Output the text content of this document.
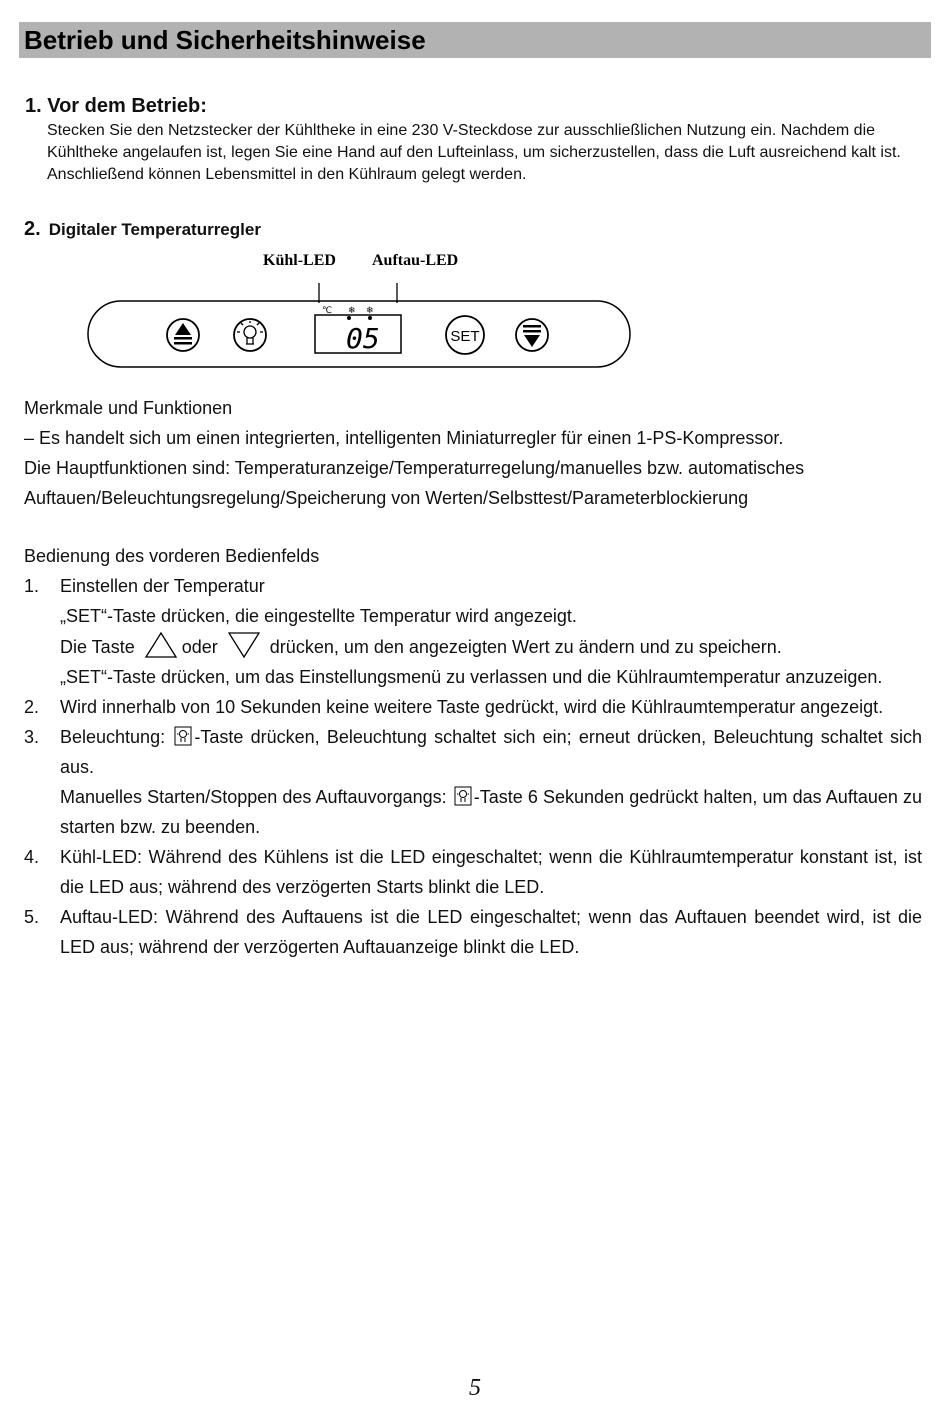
Betrieb und Sicherheitshinweise
1. Vor dem Betrieb:

Stecken Sie den Netzstecker der Kühltheke in eine 230 V-Steckdose zur ausschließlichen Nutzung ein. Nachdem die Kühltheke angelaufen ist, legen Sie eine Hand auf den Lufteinlass, um sicherzustellen, dass die Luft ausreichend kalt ist. Anschließend können Lebensmittel in den Kühlraum gelegt werden.

2. Digitaler Temperaturregler
Kühl-LED Auftau-LED
℃ ❄ ❄
05	SET

Merkmale und Funktionen

– Es handelt sich um einen integrierten, intelligenten Miniaturregler für einen 1-PS-Kompressor.

Die Hauptfunktionen sind: Temperaturanzeige/Temperaturregelung/manuelles bzw. automatisches Auftauen/Beleuchtungsregelung/Speicherung von Werten/Selbsttest/Parameterblockierung

Bedienung des vorderen Bedienfelds

1. Einstellen der Temperatur

„SET“-Taste drücken, die eingestellte Temperatur wird angezeigt.

Die Taste	oder	drücken, um den angezeigten Wert zu ändern und zu speichern.

„SET“-Taste drücken, um das Einstellungsmenü zu verlassen und die Kühlraumtemperatur anzuzeigen.

2. Wird innerhalb von 10 Sekunden keine weitere Taste gedrückt, wird die Kühlraumtemperatur angezeigt.

3. Beleuchtung: -Taste drücken, Beleuchtung schaltet sich ein; erneut drücken, Beleuchtung schaltet sich aus.

Manuelles Starten/Stoppen des Auftauvorgangs: -Taste 6 Sekunden gedrückt halten, um das Auftauen zu starten bzw. zu beenden.

4. Kühl-LED: Während des Kühlens ist die LED eingeschaltet; wenn die Kühlraumtemperatur konstant ist, ist die LED aus; während des verzögerten Starts blinkt die LED.

5. Auftau-LED: Während des Auftauens ist die LED eingeschaltet; wenn das Auftauen beendet wird, ist die LED aus; während der verzögerten Auftauanzeige blinkt die LED.

5
